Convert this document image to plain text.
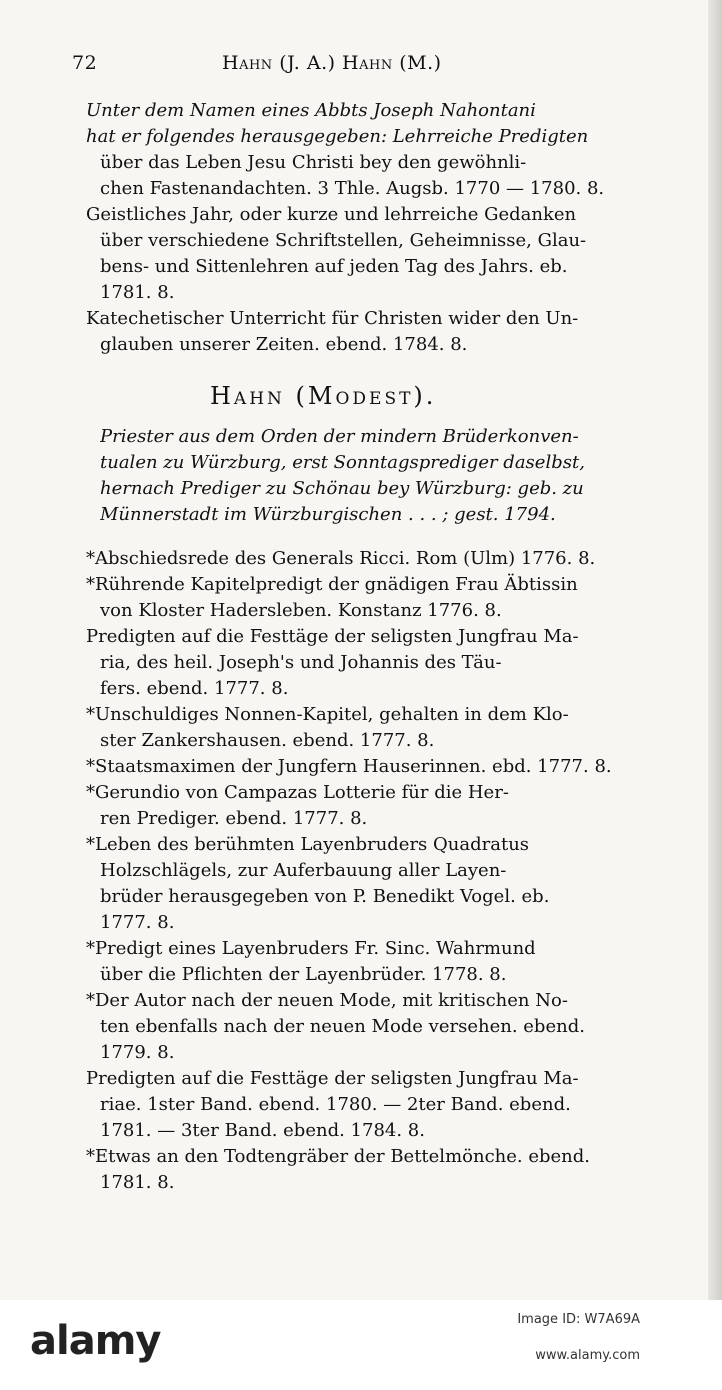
72	Hahn (J. A.) Hahn (M.)
Unter dem Namen eines Abbts Joseph Nahontani
hat er folgendes herausgegeben: Lehrreiche Predigten
über das Leben Jesu Christi bey den gewöhnli-
chen Fastenandachten. 3 Thle. Augsb. 1770 — 1780. 8.
Geistliches Jahr, oder kurze und lehrreiche Gedanken
über verschiedene Schriftstellen, Geheimnisse, Glau-
bens- und Sittenlehren auf jeden Tag des Jahrs. eb.
1781. 8.
Katechetischer Unterricht für Christen wider den Un-
glauben unserer Zeiten. ebend. 1784. 8.
Hahn (Modest).
Priester aus dem Orden der mindern Brüderkonven-
tualen zu Würzburg, erst Sonntagsprediger daselbst,
hernach Prediger zu Schönau bey Würzburg: geb. zu
Münnerstadt im Würzburgischen . . . ; gest. 1794.
*Abschiedsrede des Generals Ricci. Rom (Ulm) 1776. 8.
*Rührende Kapitelpredigt der gnädigen Frau Äbtissin
von Kloster Hadersleben. Konstanz 1776. 8.
Predigten auf die Festtäge der seligsten Jungfrau Ma-
ria, des heil. Joseph's und Johannis des Täu-
fers. ebend. 1777. 8.
*Unschuldiges Nonnen-Kapitel, gehalten in dem Klo-
ster Zankershausen. ebend. 1777. 8.
*Staatsmaximen der Jungfern Hauserinnen. ebd. 1777. 8.
*Gerundio von Campazas Lotterie für die Her-
ren Prediger. ebend. 1777. 8.
*Leben des berühmten Layenbruders Quadratus
Holzschlägels, zur Auferbauung aller Layen-
brüder herausgegeben von P. Benedikt Vogel. eb.
1777. 8.
*Predigt eines Layenbruders Fr. Sinc. Wahrmund
über die Pflichten der Layenbrüder. 1778. 8.
*Der Autor nach der neuen Mode, mit kritischen No-
ten ebenfalls nach der neuen Mode versehen. ebend.
1779. 8.
Predigten auf die Festtäge der seligsten Jungfrau Ma-
riae. 1ster Band. ebend. 1780. — 2ter Band. ebend.
1781. — 3ter Band. ebend. 1784. 8.
*Etwas an den Todtengräber der Bettelmönche. ebend.
1781. 8.
alamy	Image ID: W7A69A
www.alamy.com
